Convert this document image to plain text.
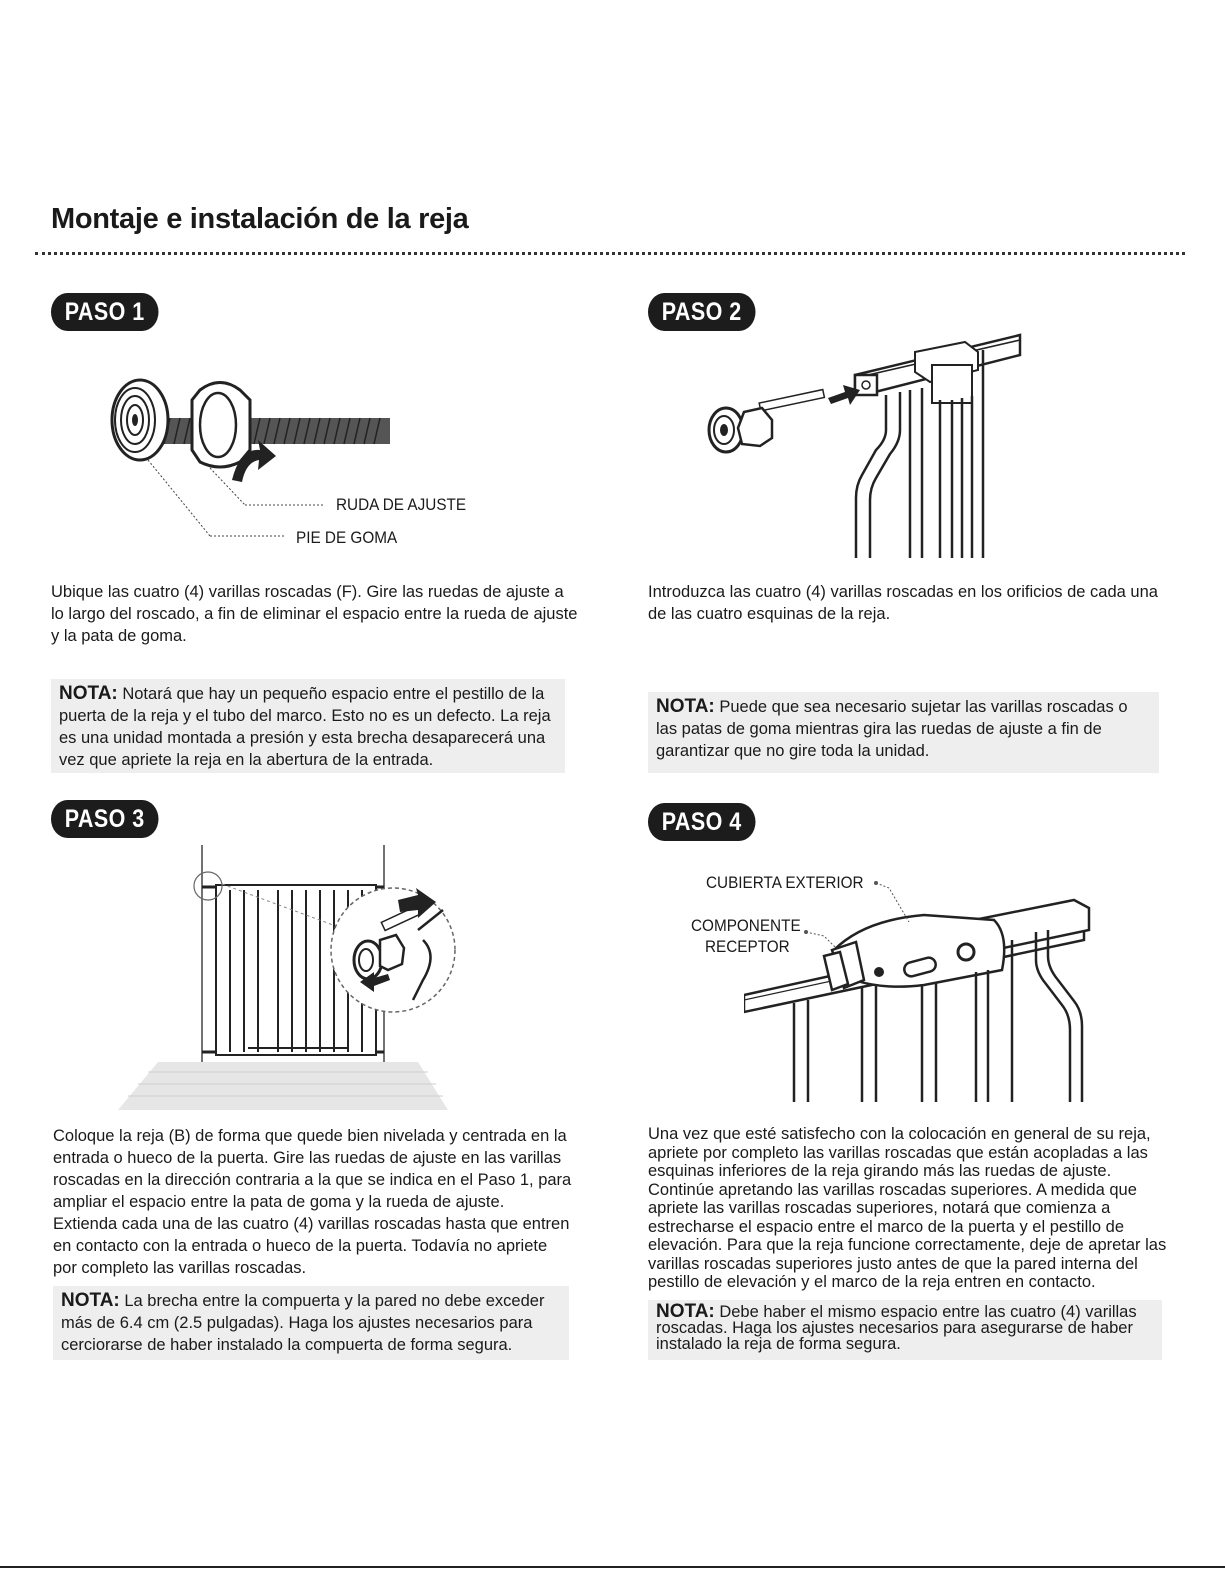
Montaje e instalación de la reja
PASO 1
RUDA DE AJUSTE
PIE DE GOMA

Ubique las cuatro (4) varillas roscadas (F). Gire las ruedas de ajuste a lo largo del roscado, a fin de eliminar el espacio entre la rueda de ajuste y la pata de goma.

NOTA: Notará que hay un pequeño espacio entre el pestillo de la puerta de la reja y el tubo del marco. Esto no es un defecto. La reja es una unidad montada a presión y esta brecha desaparecerá una vez que apriete la reja en la abertura de la entrada.
PASO 2

Introduzca las cuatro (4) varillas roscadas en los orificios de cada una de las cuatro esquinas de la reja.

NOTA: Puede que sea necesario sujetar las varillas roscadas o las patas de goma mientras gira las ruedas de ajuste a fin de garantizar que no gire toda la unidad.
PASO 3

Coloque la reja (B) de forma que quede bien nivelada y centrada en la entrada o hueco de la puerta. Gire las ruedas de ajuste en las varillas roscadas en la dirección contraria a la que se indica en el Paso 1, para ampliar el espacio entre la pata de goma y la rueda de ajuste. Extienda cada una de las cuatro (4) varillas roscadas hasta que entren en contacto con la entrada o hueco de la puerta. Todavía no apriete por completo las varillas roscadas.

NOTA: La brecha entre la compuerta y la pared no debe exceder más de 6.4 cm (2.5 pulgadas). Haga los ajustes necesarios para cerciorarse de haber instalado la compuerta de forma segura.
PASO 4
CUBIERTA EXTERIOR
COMPONENTE
RECEPTOR

Una vez que esté satisfecho con la colocación en general de su reja, apriete por completo las varillas roscadas que están acopladas a las esquinas inferiores de la reja girando más las ruedas de ajuste. Continúe apretando las varillas roscadas superiores. A medida que apriete las varillas roscadas superiores, notará que comienza a estrecharse el espacio entre el marco de la puerta y el pestillo de elevación. Para que la reja funcione correctamente, deje de apretar las varillas roscadas superiores justo antes de que la pared interna del pestillo de elevación y el marco de la reja entren en contacto.

NOTA: Debe haber el mismo espacio entre las cuatro (4) varillas roscadas. Haga los ajustes necesarios para asegurarse de haber instalado la reja de forma segura.
